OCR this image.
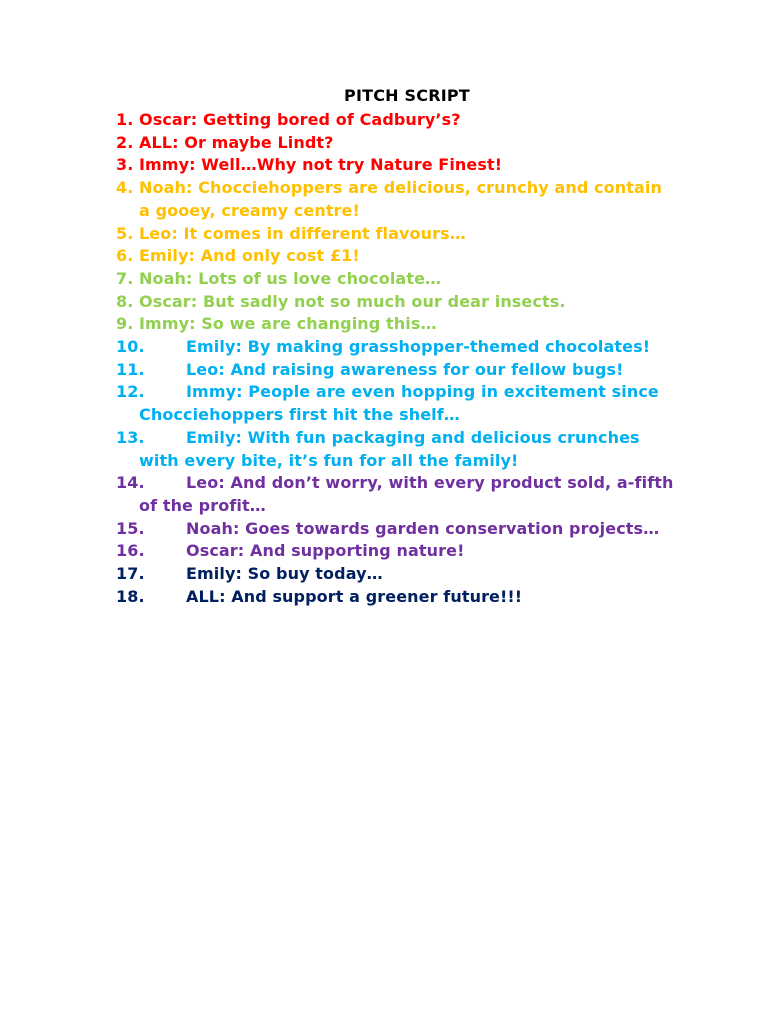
PITCH SCRIPT
1. Oscar: Getting bored of Cadbury’s?
2. ALL: Or maybe Lindt?
3. Immy: Well…Why not try Nature Finest!
4. Noah: Chocciehoppers are delicious, crunchy and contain
a gooey, creamy centre!
5. Leo: It comes in different flavours…
6. Emily: And only cost £1!
7. Noah: Lots of us love chocolate…
8. Oscar: But sadly not so much our dear insects.
9. Immy: So we are changing this…
10.	Emily: By making grasshopper-themed chocolates!
11.	Leo: And raising awareness for our fellow bugs!
12.	Immy: People are even hopping in excitement since
Chocciehoppers first hit the shelf…
13.	Emily: With fun packaging and delicious crunches
with every bite, it’s fun for all the family!
14.	Leo: And don’t worry, with every product sold, a-fifth
of the profit…
15.	Noah: Goes towards garden conservation projects…
16.	Oscar: And supporting nature!
17.	Emily: So buy today…
18.	ALL: And support a greener future!!!
